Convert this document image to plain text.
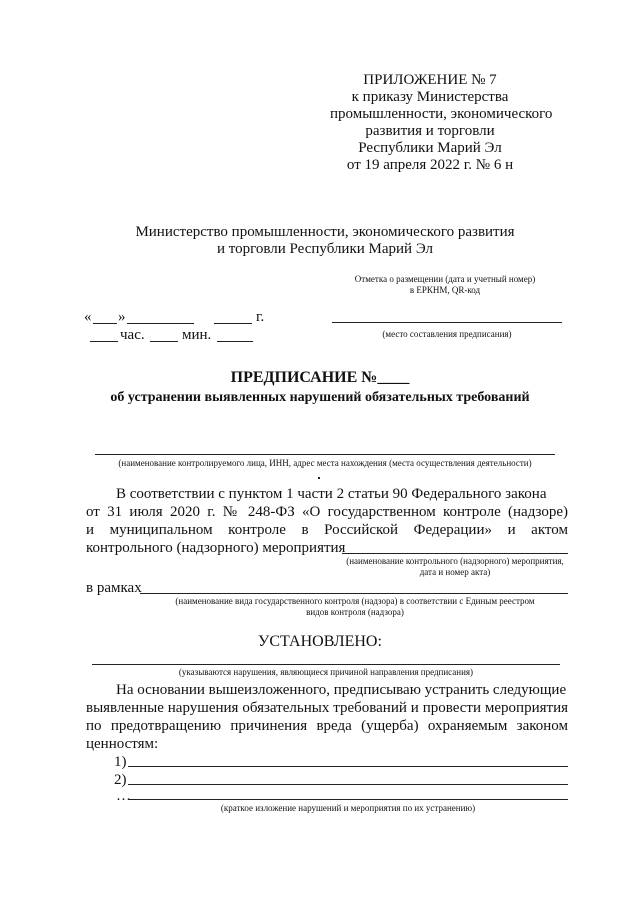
ПРИЛОЖЕНИЕ № 7
к приказу Министерства
промышленности, экономического
развития и торговли
Республики Марий Эл
от 19 апреля 2022 г. № 6 н
Министерство промышленности, экономического развития
и торговли Республики Марий Эл
Отметка о размещении (дата и учетный номер)
в ЕРКНМ, QR-код
« »	г.
час. мин.	(место составления предписания)
ПРЕДПИСАНИЕ №____
об устранении выявленных нарушений обязательных требований
(наименование контролируемого лица, ИНН, адрес места нахождения (места осуществления деятельности)
В соответствии с пунктом 1 части 2 статьи 90 Федерального закона
от 31 июля 2020 г. № 248-ФЗ «О государственном контроле (надзоре)
и муниципальном контроле в Российской Федерации» и актом
контрольного (надзорного) мероприятия
(наименование контрольного (надзорного) мероприятия,
дата и номер акта)
в рамках
(наименование вида государственного контроля (надзора) в соответствии с Единым реестром
видов контроля (надзора)
УСТАНОВЛЕНО:
(указываются нарушения, являющиеся причиной направления предписания)
На основании вышеизложенного, предписываю устранить следующие
выявленные нарушения обязательных требований и провести мероприятия
по предотвращению причинения вреда (ущерба) охраняемым законом
ценностям:
1)
2)
…
(краткое изложение нарушений и мероприятия по их устранению)
